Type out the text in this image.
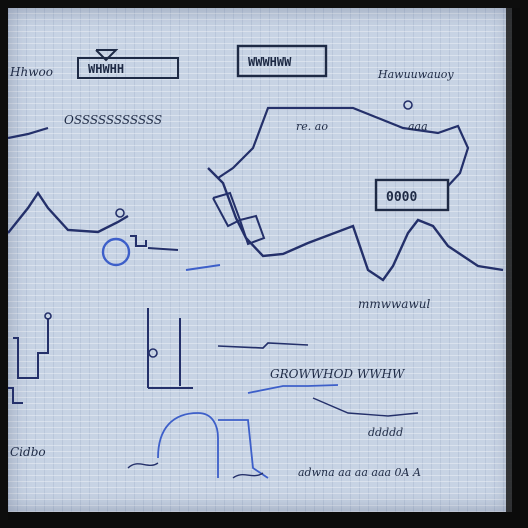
Hhwoo	WHWHH	WWWHWW
Hawuuwauoy
OSSSSSSSSSSS	re. ao	aaa
0000
mmwwawul
GROWWHOD WWHW
ddddd
adwna aa aa aaa 0A A
Cidbo
